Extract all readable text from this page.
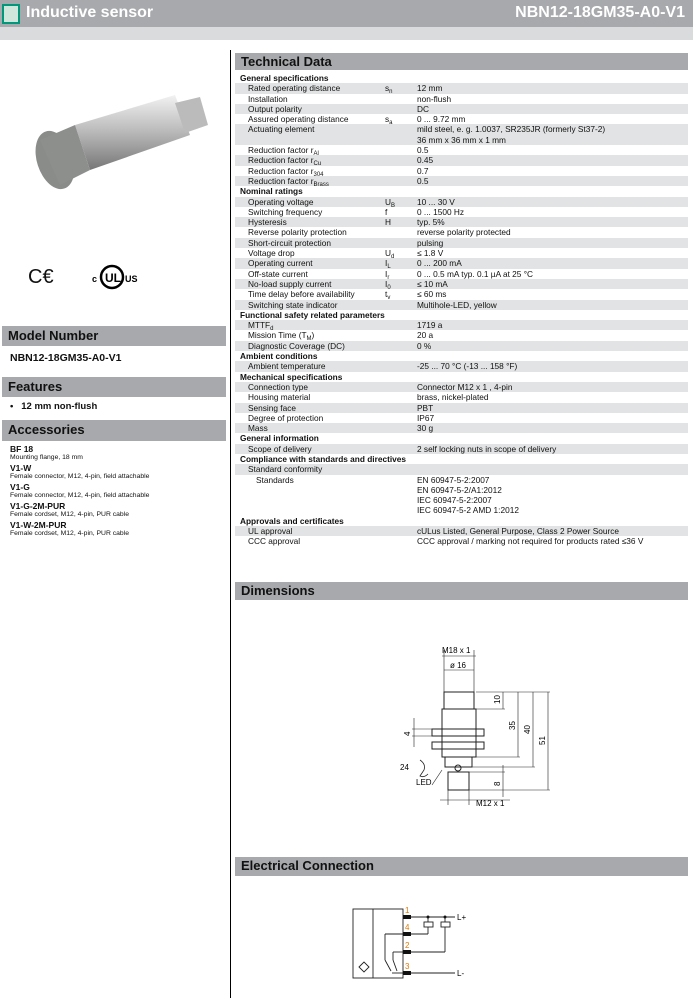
Inductive sensor	NBN12-18GM35-A0-V1
C€	c UL US
Model Number
NBN12-18GM35-A0-V1
Features
•   12 mm non-flush
Accessories
BF 18
Mounting flange, 18 mm
V1-W
Female connector, M12, 4-pin, field attachable
V1-G
Female connector, M12, 4-pin, field attachable
V1-G-2M-PUR
Female cordset, M12, 4-pin, PUR cable
V1-W-2M-PUR
Female cordset, M12, 4-pin, PUR cable
Technical Data
General specifications
Rated operating distance	$s_n$	12 mm
Installation	non-flush
Output polarity	DC
Assured operating distance	$s_a$	0 ... 9.72 mm
Actuating element	mild steel, e. g. 1.0037, SR235JR (formerly St37-2)
36 mm x 36 mm x 1 mm
Reduction factor $r_{Al}$	0.5
Reduction factor $r_{Cu}$	0.45
Reduction factor $r_{304}$	0.7
Reduction factor $r_{Brass}$	0.5
Nominal ratings
Operating voltage	$U_B$	10 ... 30 V
Switching frequency	f	0 ... 1500 Hz
Hysteresis	H	typ. 5%
Reverse polarity protection	reverse polarity protected
Short-circuit protection	pulsing
Voltage drop	$U_d$	≤ 1.8 V
Operating current	$I_L$	0 ... 200 mA
Off-state current	$I_r$	0 ... 0.5 mA typ. 0.1 µA at 25 °C
No-load supply current	$I_0$	≤ 10 mA
Time delay before availability	$t_v$	≤ 60 ms
Switching state indicator	Multihole-LED, yellow
Functional safety related parameters
$MTTF_d$	1719 a
Mission Time $(T_M)$	20 a
Diagnostic Coverage (DC)	0 %
Ambient conditions
Ambient temperature	-25 ... 70 °C (-13 ... 158 °F)
Mechanical specifications
Connection type	Connector M12 x 1 , 4-pin
Housing material	brass, nickel-plated
Sensing face	PBT
Degree of protection	IP67
Mass	30 g
General information
Scope of delivery	2 self locking nuts in scope of delivery
Compliance with standards and directives
Standard conformity
Standards	EN 60947-5-2:2007
EN 60947-5-2/A1:2012
IEC 60947-5-2:2007
IEC 60947-5-2 AMD 1:2012
Approvals and certificates
UL approval	cULus Listed, General Purpose, Class 2 Power Source
CCC approval	CCC approval / marking not required for products rated ≤36 V
Dimensions
M18 x 1
ø 16
10
35 40
51
4
24
LED	8
M12 x 1
Electrical Connection
1
4
2
3
L+
L-
